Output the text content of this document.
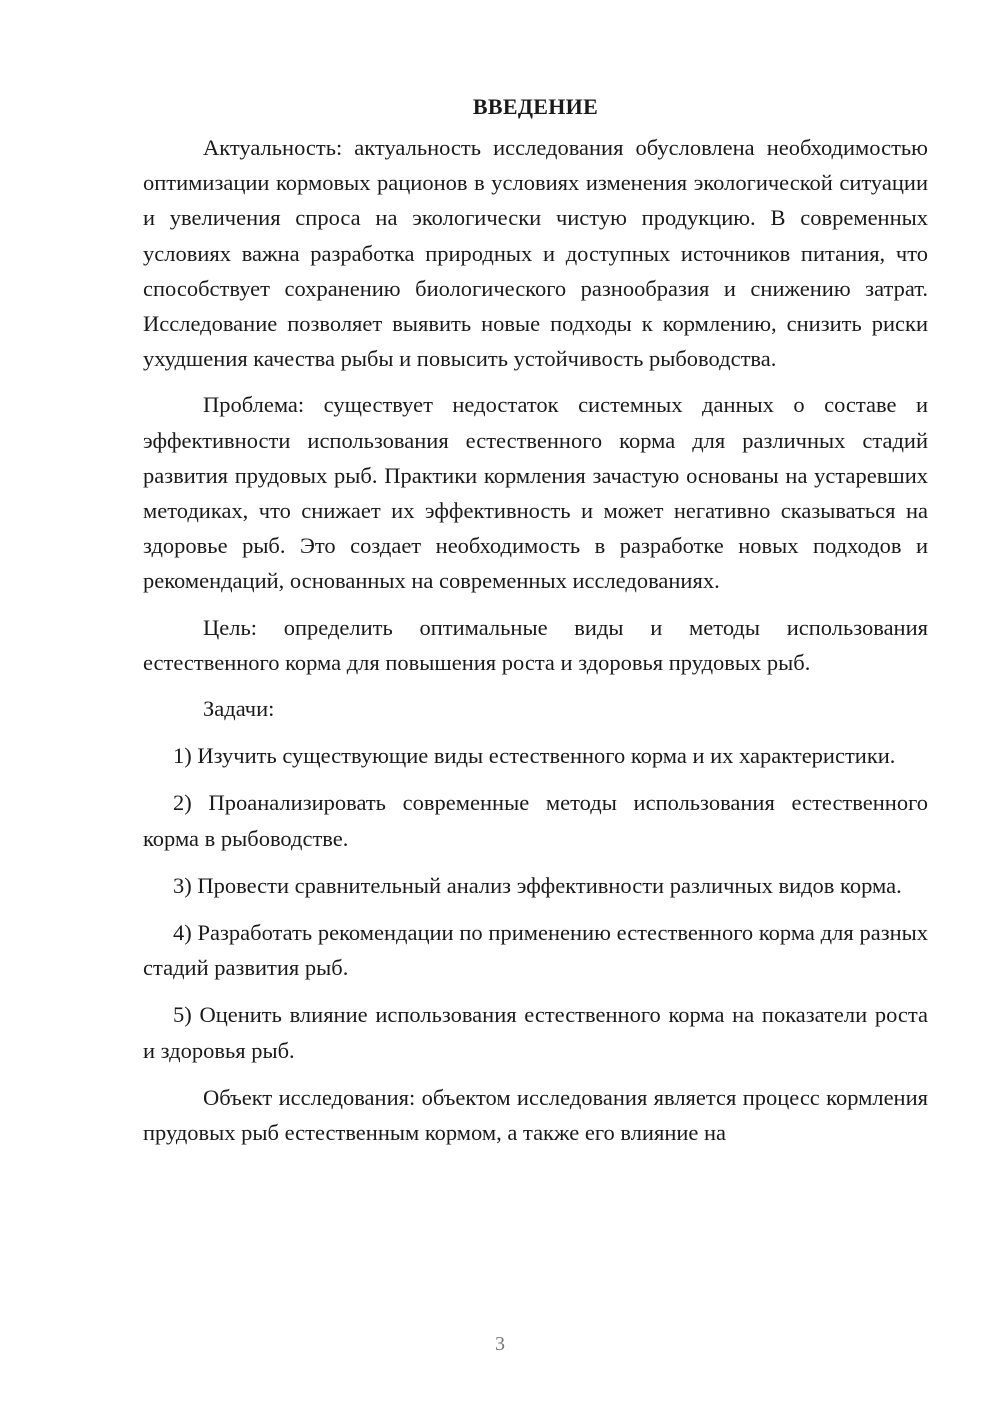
ВВЕДЕНИЕ

Актуальность: актуальность исследования обусловлена необходимостью оптимизации кормовых рационов в условиях изменения экологической ситуации и увеличения спроса на экологически чистую продукцию. В современных условиях важна разработка природных и доступных источников питания, что способствует сохранению биологического разнообразия и снижению затрат. Исследование позволяет выявить новые подходы к кормлению, снизить риски ухудшения качества рыбы и повысить устойчивость рыбоводства.

Проблема: существует недостаток системных данных о составе и эффективности использования естественного корма для различных стадий развития прудовых рыб. Практики кормления зачастую основаны на устаревших методиках, что снижает их эффективность и может негативно сказываться на здоровье рыб. Это создает необходимость в разработке новых подходов и рекомендаций, основанных на современных исследованиях.

Цель: определить оптимальные виды и методы использования естественного корма для повышения роста и здоровья прудовых рыб.

Задачи:

1) Изучить существующие виды естественного корма и их характеристики.

2) Проанализировать современные методы использования естественного корма в рыбоводстве.

3) Провести сравнительный анализ эффективности различных видов корма.

4) Разработать рекомендации по применению естественного корма для разных стадий развития рыб.

5) Оценить влияние использования естественного корма на показатели роста и здоровья рыб.

Объект исследования: объектом исследования является процесс кормления прудовых рыб естественным кормом, а также его влияние на

3
